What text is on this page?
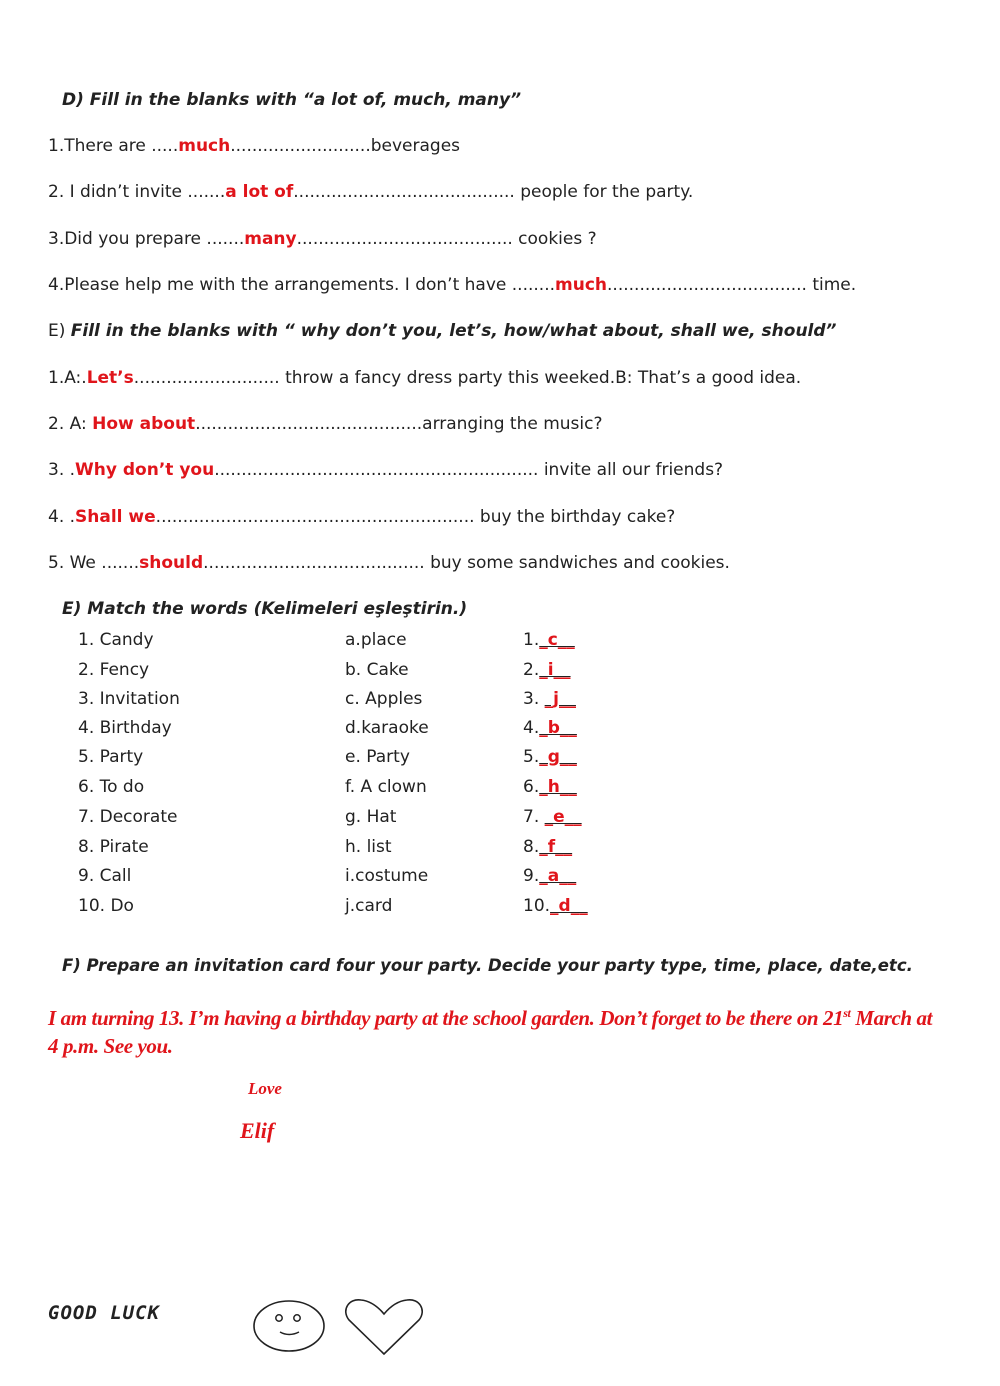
D) Fill in the blanks with “a lot of, much, many”
1.There are .....much..........................beverages
2. I didn’t invite .......a lot of......................................... people for the party.
3.Did you prepare .......many........................................ cookies ?
4.Please help me with the arrangements. I don’t have ........much..................................... time.
E) Fill in the blanks with “ why don’t you, let’s, how/what about, shall we, should”
1.A:.Let’s........................... throw a fancy dress party this weeked.B: That’s a good idea.
2. A: How about..........................................arranging the music?
3. .Why don’t you............................................................ invite all our friends?
4. .Shall we........................................................... buy the birthday cake?
5. We .......should......................................... buy some sandwiches and cookies.
E) Match the words (Kelimeleri eşleştirin.)
1. Candy
2. Fency
3. Invitation
4. Birthday
5. Party
6. To do
7. Decorate
8. Pirate
9. Call
10. Do
a.place
b. Cake
c. Apples
d.karaoke
e. Party
f. A clown
g. Hat
h. list
i.costume
j.card
1._c__
2._i__
3. _j__
4._b__
5._g__
6._h__
7. _e__
8._f__
9._a__
10._d__
F) Prepare an invitation card four your party. Decide your party type, time, place, date,etc.
I am turning 13. I’m having a birthday party at the school garden. Don’t forget to be there on 21st March at
4 p.m. See you.
Love
Elif
GOOD LUCK
